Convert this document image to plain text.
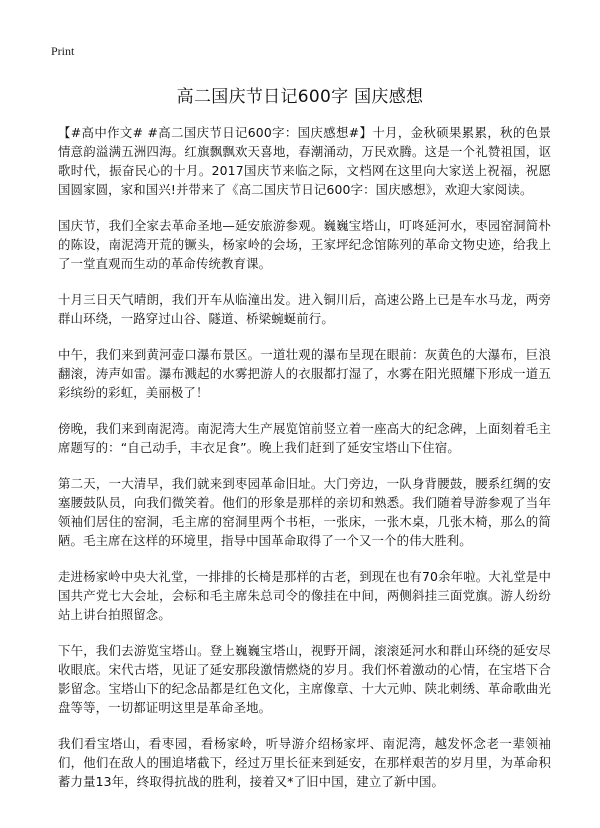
Print

高二国庆节日记600字 国庆感想

【#高中作文# #高二国庆节日记600字：国庆感想#】十月，金秋硕果累累，秋的色景情意韵溢满五洲四海。红旗飘飘欢天喜地，春潮涌动，万民欢腾。这是一个礼赞祖国，讴歌时代，振奋民心的十月。2017国庆节来临之际，文档网在这里向大家送上祝福，祝愿国圆家圆，家和国兴!并带来了《高二国庆节日记600字：国庆感想》，欢迎大家阅读。

国庆节，我们全家去革命圣地—延安旅游参观。巍巍宝塔山，叮咚延河水，枣园窑洞简朴的陈设，南泥湾开荒的镢头，杨家岭的会场，王家坪纪念馆陈列的革命文物史迹，给我上了一堂直观而生动的革命传统教育课。

十月三日天气晴朗，我们开车从临潼出发。进入铜川后，高速公路上已是车水马龙，两旁群山环绕，一路穿过山谷、隧道、桥梁蜿蜒前行。

中午，我们来到黄河壶口瀑布景区。一道壮观的瀑布呈现在眼前：灰黄色的大瀑布，巨浪翻滚，涛声如雷。瀑布溅起的水雾把游人的衣服都打湿了，水雾在阳光照耀下形成一道五彩缤纷的彩虹，美丽极了！

傍晚，我们来到南泥湾。南泥湾大生产展览馆前竖立着一座高大的纪念碑，上面刻着毛主席题写的：“自己动手，丰衣足食”。晚上我们赶到了延安宝塔山下住宿。

第二天，一大清早，我们就来到枣园革命旧址。大门旁边，一队身背腰鼓，腰系红绸的安塞腰鼓队员，向我们微笑着。他们的形象是那样的亲切和熟悉。我们随着导游参观了当年领袖们居住的窑洞，毛主席的窑洞里两个书柜，一张床，一张木桌，几张木椅，那么的简陋。毛主席在这样的环境里，指导中国革命取得了一个又一个的伟大胜利。

走进杨家岭中央大礼堂，一排排的长椅是那样的古老，到现在也有70余年啦。大礼堂是中国共产党七大会址，会标和毛主席朱总司令的像挂在中间，两侧斜挂三面党旗。游人纷纷站上讲台拍照留念。

下午，我们去游览宝塔山。登上巍巍宝塔山，视野开阔，滚滚延河水和群山环绕的延安尽收眼底。宋代古塔，见证了延安那段激情燃烧的岁月。我们怀着激动的心情，在宝塔下合影留念。宝塔山下的纪念品都是红色文化，主席像章、十大元帅、陕北刺绣、革命歌曲光盘等等，一切都证明这里是革命圣地。

我们看宝塔山，看枣园，看杨家岭，听导游介绍杨家坪、南泥湾，越发怀念老一辈领袖们，他们在敌人的围追堵截下，经过万里长征来到延安，在那样艰苦的岁月里，为革命积蓄力量13年，终取得抗战的胜利，接着又*了旧中国，建立了新中国。
